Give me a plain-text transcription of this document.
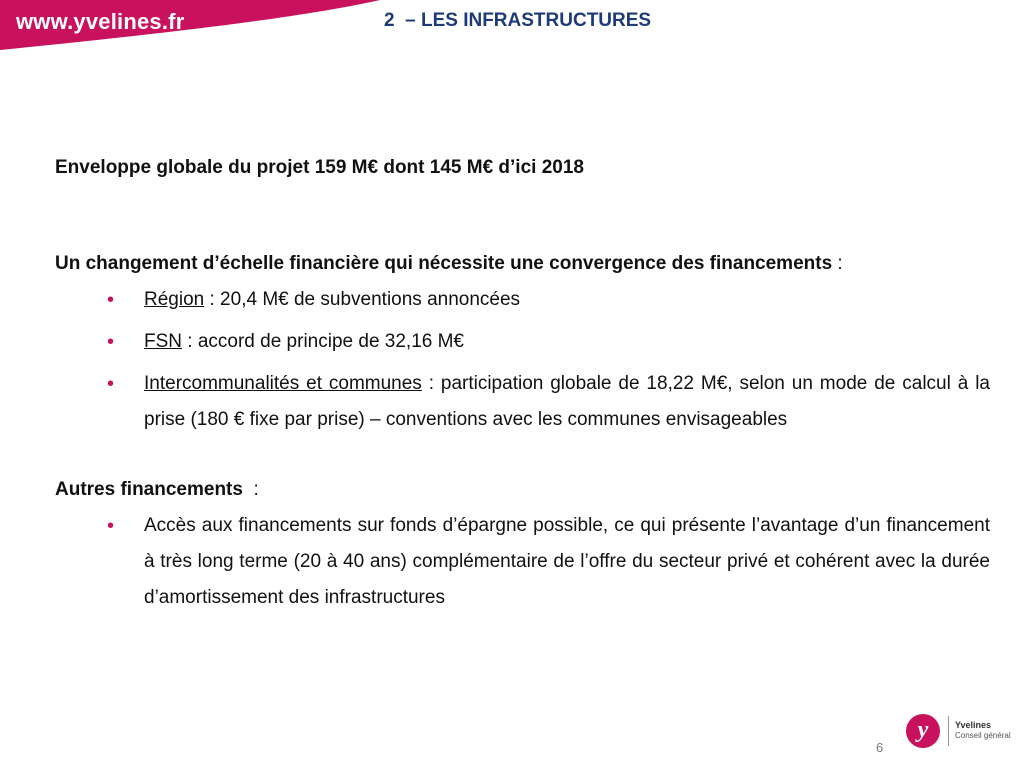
www.yvelines.fr	2  – LES INFRASTRUCTURES

Enveloppe globale du projet 159 M€ dont 145 M€ d’ici 2018

Un changement d’échelle financière qui nécessite une convergence des financements :

• Région : 20,4 M€ de subventions annoncées
• FSN : accord de principe de 32,16 M€
• Intercommunalités et communes : participation globale de 18,22 M€, selon un mode de calcul à la prise (180 € fixe par prise) – conventions avec les communes envisageables

Autres financements  :

• Accès aux financements sur fonds d’épargne possible, ce qui présente l’avantage d’un financement à très long terme (20 à 40 ans) complémentaire de l’offre du secteur privé et cohérent avec la durée d’amortissement des infrastructures
6
y	Yvelines
Conseil général
